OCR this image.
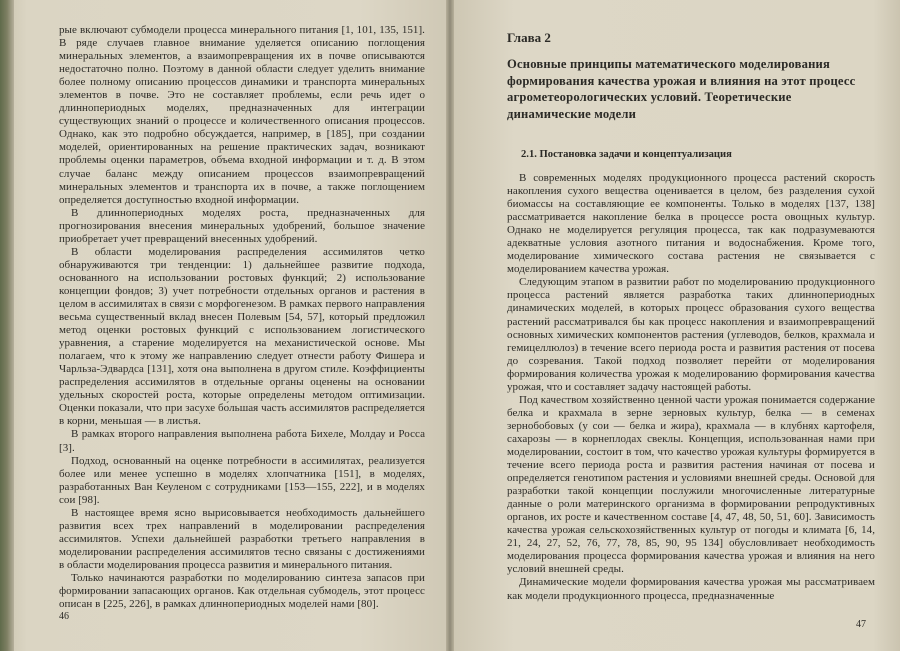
рые включают субмодели процесса минерального питания [1, 101, 135, 151]. В ряде случаев главное внимание уделяется описанию поглощения минеральных элементов, а взаимопревращения их в почве описываются недостаточно полно. Поэтому в данной области следует уделить внимание более полному описанию процессов динамики и транспорта минеральных элементов в почве. Это не составляет проблемы, если речь идет о длиннопериодных моделях, предназначенных для интеграции существующих знаний о процессе и количественного описания процессов. Однако, как это подробно обсуждается, например, в [185], при создании моделей, ориентированных на решение практических задач, возникают проблемы оценки параметров, объема входной информации и т. д. В этом случае баланс между описанием процессов взаимопревращений минеральных элементов и транспорта их в почве, а также поглощением определяется доступностью входной информации.

В длиннопериодных моделях роста, предназначенных для прогнозирования внесения минеральных удобрений, большое значение приобретает учет превращений внесенных удобрений.

В области моделирования распределения ассимилятов четко обнаруживаются три тенденции: 1) дальнейшее развитие подхода, основанного на использовании ростовых функций; 2) использование концепции фондов; 3) учет потребности отдельных органов и растения в целом в ассимилятах в связи с морфогенезом. В рамках первого направления весьма существенный вклад внесен Полевым [54, 57], который предложил метод оценки ростовых функций с использованием логистического уравнения, а старение моделируется на механистической основе. Мы полагаем, что к этому же направлению следует отнести работу Фишера и Чарльза-Эдвардса [131], хотя она выполнена в другом стиле. Коэффициенты распределения ассимилятов в отдельные органы оценены на основании удельных скоростей роста, которые определены методом оптимизации. Оценки показали, что при засухе бо́льшая часть ассимилятов распределяется в корни, меньшая — в листья.

В рамках второго направления выполнена работа Бихеле, Молдау и Росса [3].

Подход, основанный на оценке потребности в ассимилятах, реализуется более или менее успешно в моделях хлопчатника [151], в моделях, разработанных Ван Кеуленом с сотрудниками [153—155, 222], и в моделях сои [98].

В настоящее время ясно вырисовывается необходимость дальнейшего развития всех трех направлений в моделировании распределения ассимилятов. Успехи дальнейшей разработки третьего направления в моделировании распределения ассимилятов тесно связаны с достижениями в области моделирования процесса развития и минерального питания.

Только начинаются разработки по моделированию синтеза запасов при формировании запасающих органов. Как отдельная субмодель, этот процесс описан в [225, 226], в рамках длиннопериодных моделей нами [80].

46
Глава 2
Основные принципы математического моделирования формирования качества урожая и влияния на этот процесс агрометеорологических условий. Теоретические динамические модели
2.1. Постановка задачи и концептуализация

В современных моделях продукционного процесса растений скорость накопления сухого вещества оценивается в целом, без разделения сухой биомассы на составляющие ее компоненты. Только в моделях [137, 138] рассматривается накопление белка в процессе роста овощных культур. Однако не моделируется регуляция процесса, так как подразумеваются адекватные условия азотного питания и водоснабжения. Кроме того, моделирование химического состава растения не связывается с моделированием качества урожая.

Следующим этапом в развитии работ по моделированию продукционного процесса растений является разработка таких длиннопериодных динамических моделей, в которых процесс образования сухого вещества растений рассматривался бы как процесс накопления и взаимопревращений основных химических компонентов растения (углеводов, белков, крахмала и гемицеллюлоз) в течение всего периода роста и развития растения от посева до созревания. Такой подход позволяет перейти от моделирования формирования количества урожая к моделированию формирования качества урожая, что и составляет задачу настоящей работы.

Под качеством хозяйственно ценной части урожая понимается содержание белка и крахмала в зерне зерновых культур, белка — в семенах зернобобовых (у сои — белка и жира), крахмала — в клубнях картофеля, сахарозы — в корнеплодах свеклы. Концепция, использованная нами при моделировании, состоит в том, что качество урожая культуры формируется в течение всего периода роста и развития растения начиная от посева и определяется генотипом растения и условиями внешней среды. Основой для разработки такой концепции послужили многочисленные литературные данные о роли материнского организма в формировании репродуктивных органов, их росте и качественном составе [4, 47, 48, 50, 51, 60]. Зависимость качества урожая сельскохозяйственных культур от погоды и климата [6, 14, 21, 24, 27, 52, 76, 77, 78, 85, 90, 95 134] обусловливает необходимость моделирования процесса формирования качества урожая и влияния на него условий внешней среды.

Динамические модели формирования качества урожая мы рассматриваем как модели продукционного процесса, предназначенные

47
